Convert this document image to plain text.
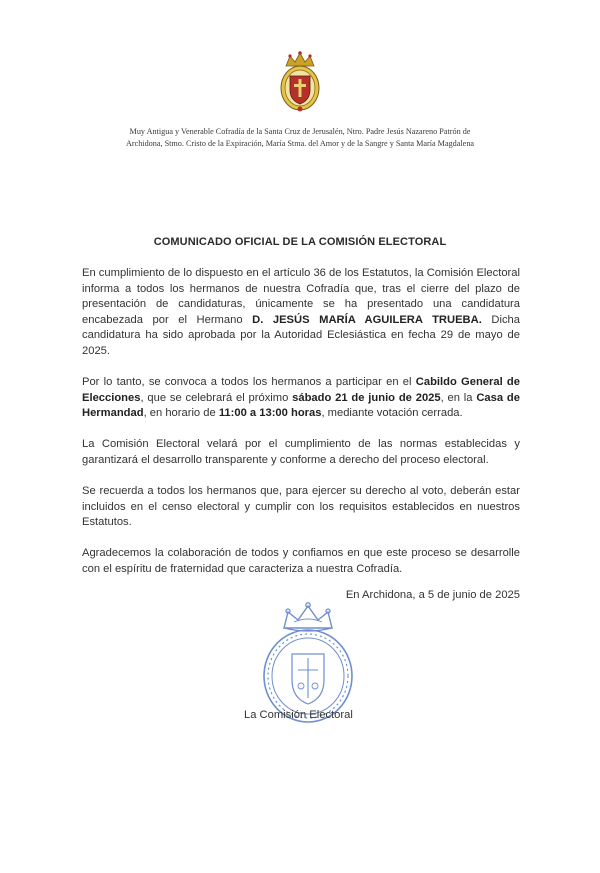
Muy Antigua y Venerable Cofradía de la Santa Cruz de Jerusalén, Ntro. Padre Jesús Nazareno Patrón de
Archidona, Stmo. Cristo de la Expiración, María Stma. del Amor y de la Sangre y Santa María Magdalena
COMUNICADO OFICIAL DE LA COMISIÓN ELECTORAL
En cumplimiento de lo dispuesto en el artículo 36 de los Estatutos, la Comisión Electoral informa a todos los hermanos de nuestra Cofradía que, tras el cierre del plazo de presentación de candidaturas, únicamente se ha presentado una candidatura encabezada por el Hermano D. JESÚS MARÍA AGUILERA TRUEBA. Dicha candidatura ha sido aprobada por la Autoridad Eclesiástica en fecha 29 de mayo de 2025.
Por lo tanto, se convoca a todos los hermanos a participar en el Cabildo General de Elecciones, que se celebrará el próximo sábado 21 de junio de 2025, en la Casa de Hermandad, en horario de 11:00 a 13:00 horas, mediante votación cerrada.
La Comisión Electoral velará por el cumplimiento de las normas establecidas y garantizará el desarrollo transparente y conforme a derecho del proceso electoral.
Se recuerda a todos los hermanos que, para ejercer su derecho al voto, deberán estar incluidos en el censo electoral y cumplir con los requisitos establecidos en nuestros Estatutos.
Agradecemos la colaboración de todos y confiamos en que este proceso se desarrolle con el espíritu de fraternidad que caracteriza a nuestra Cofradía.
En Archidona, a 5 de junio de 2025
La Comisión Electoral
